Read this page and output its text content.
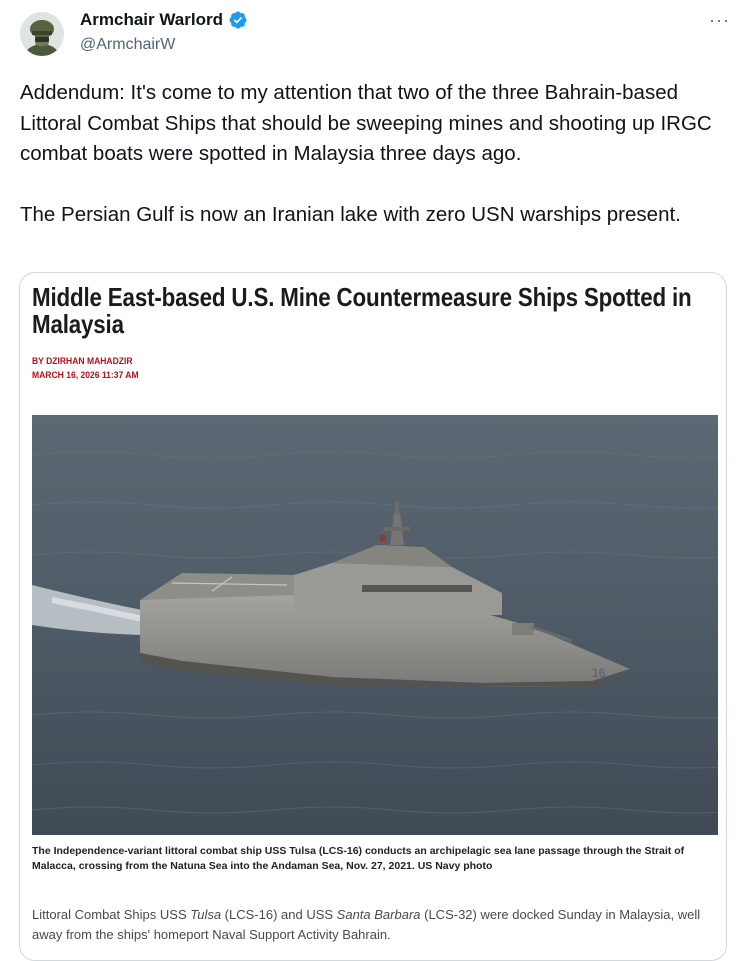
Armchair Warlord
@ArmchairW
···
Addendum: It's come to my attention that two of the three Bahrain-based Littoral Combat Ships that should be sweeping mines and shooting up IRGC combat boats were spotted in Malaysia three days ago.

The Persian Gulf is now an Iranian lake with zero USN warships present.
Middle East-based U.S. Mine Countermeasure Ships Spotted in Malaysia
BY DZIRHAN MAHADZIR
MARCH 16, 2026 11:37 AM
16
The Independence-variant littoral combat ship USS Tulsa (LCS-16) conducts an archipelagic sea lane passage through the Strait of Malacca, crossing from the Natuna Sea into the Andaman Sea, Nov. 27, 2021. US Navy photo
Littoral Combat Ships USS Tulsa (LCS-16) and USS Santa Barbara (LCS-32) were docked Sunday in Malaysia, well away from the ships' homeport Naval Support Activity Bahrain.
